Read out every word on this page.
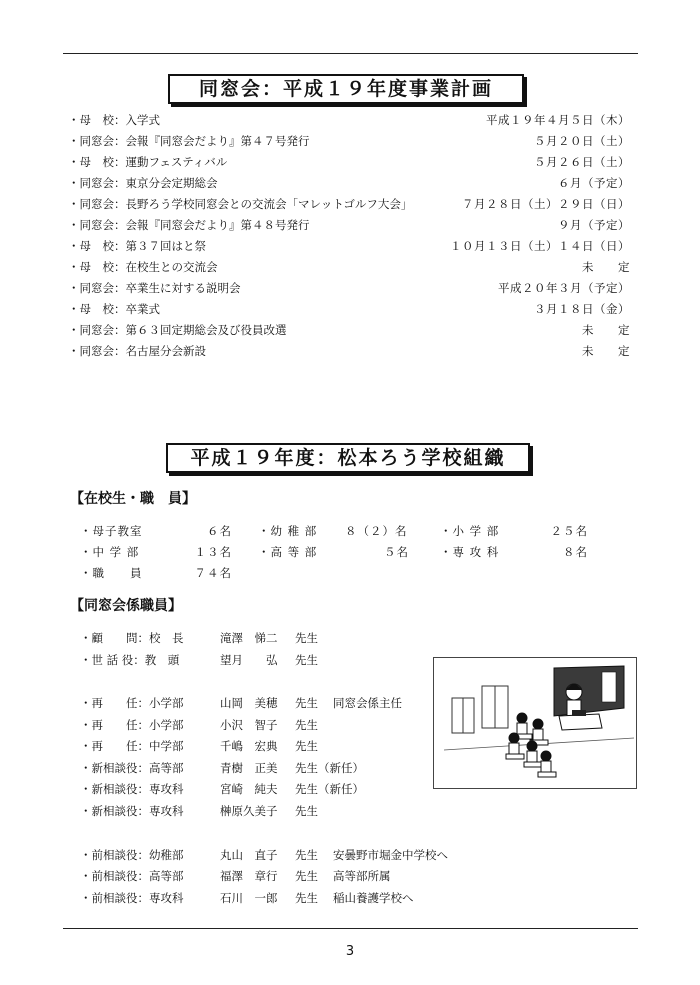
同窓会：平成１９年度事業計画
・母　校：入学式	平成１９年４月５日（木）
・同窓会：会報『同窓会だより』第４７号発行	５月２０日（土）
・母　校：運動フェスティバル	５月２６日（土）
・同窓会：東京分会定期総会	６月（予定）
・同窓会：長野ろう学校同窓会との交流会「マレットゴルフ大会」	７月２８日（土）２９日（日）
・同窓会：会報『同窓会だより』第４８号発行	９月（予定）
・母　校：第３７回はと祭	１０月１３日（土）１４日（日）
・母　校：在校生との交流会	未　　定
・同窓会：卒業生に対する説明会	平成２０年３月（予定）
・母　校：卒業式	３月１８日（金）
・同窓会：第６３回定期総会及び役員改選	未　　定
・同窓会：名古屋分会新設	未　　定
平成１９年度：松本ろう学校組織
【在校生・職　員】
・母子教室	６名 ・幼 稚 部 ８（２）名	・小 学 部	２５名
・中 学 部	１３名 ・高 等 部	５名	・専 攻 科	８名
・職　　員	７４名
【同窓会係職員】
・顧　　問：校　長	滝澤　悌二 先生
・世 話 役：教　頭	望月　　弘 先生
・再　　任：小学部	山岡　美穂 先生 同窓会係主任
・再　　任：小学部	小沢　智子 先生
・再　　任：中学部	千嶋　宏典 先生
・新相談役：高等部	青樹　正美 先生（新任）
・新相談役：専攻科	宮崎　純夫 先生（新任）
・新相談役：専攻科	榊原久美子 先生
・前相談役：幼稚部	丸山　直子 先生 安曇野市堀金中学校へ
・前相談役：高等部	福澤　章行 先生 高等部所属
・前相談役：専攻科	石川　一郎 先生 稲山養護学校へ
3
